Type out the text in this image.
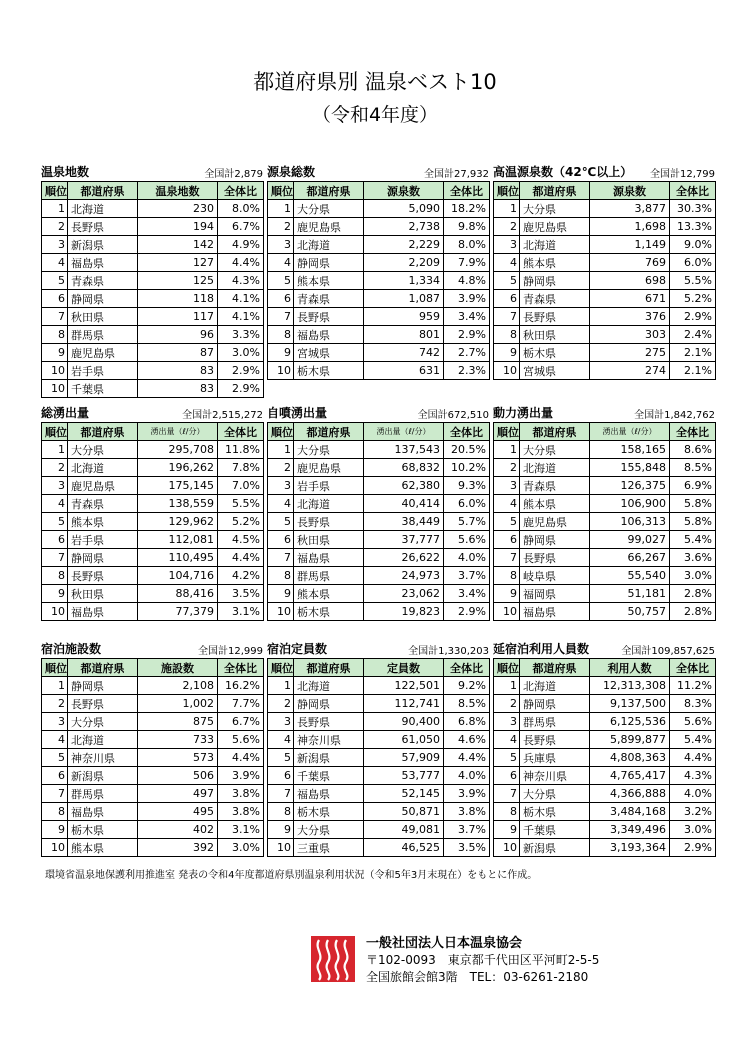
都道府県別 温泉ベスト10
（令和4年度）
温泉地数	全国計2,879
順位	都道府県	温泉地数	全体比
1	北海道	230	8.0%
2	長野県	194	6.7%
3	新潟県	142	4.9%
4	福島県	127	4.4%
5	青森県	125	4.3%
6	静岡県	118	4.1%
7	秋田県	117	4.1%
8	群馬県	96	3.3%
9	鹿児島県	87	3.0%
10	岩手県	83	2.9%
10	千葉県	83	2.9%
源泉総数	全国計27,932
順位	都道府県	源泉数	全体比
1	大分県	5,090	18.2%
2	鹿児島県	2,738	9.8%
3	北海道	2,229	8.0%
4	静岡県	2,209	7.9%
5	熊本県	1,334	4.8%
6	青森県	1,087	3.9%
7	長野県	959	3.4%
8	福島県	801	2.9%
9	宮城県	742	2.7%
10	栃木県	631	2.3%
高温源泉数（42℃以上） 全国計12,799
順位	都道府県	源泉数	全体比
1	大分県	3,877	30.3%
2	鹿児島県	1,698	13.3%
3	北海道	1,149	9.0%
4	熊本県	769	6.0%
5	静岡県	698	5.5%
6	青森県	671	5.2%
7	長野県	376	2.9%
8	秋田県	303	2.4%
9	栃木県	275	2.1%
10	宮城県	274	2.1%
総湧出量	全国計2,515,272
順位	都道府県	湧出量（ℓ/分）	全体比
1	大分県	295,708	11.8%
2	北海道	196,262	7.8%
3	鹿児島県	175,145	7.0%
4	青森県	138,559	5.5%
5	熊本県	129,962	5.2%
6	岩手県	112,081	4.5%
7	静岡県	110,495	4.4%
8	長野県	104,716	4.2%
9	秋田県	88,416	3.5%
10	福島県	77,379	3.1%
自噴湧出量	全国計672,510
順位	都道府県	湧出量（ℓ/分）	全体比
1	大分県	137,543	20.5%
2	鹿児島県	68,832	10.2%
3	岩手県	62,380	9.3%
4	北海道	40,414	6.0%
5	長野県	38,449	5.7%
6	秋田県	37,777	5.6%
7	福島県	26,622	4.0%
8	群馬県	24,973	3.7%
9	熊本県	23,062	3.4%
10	栃木県	19,823	2.9%
動力湧出量	全国計1,842,762
順位	都道府県	湧出量（ℓ/分）	全体比
1	大分県	158,165	8.6%
2	北海道	155,848	8.5%
3	青森県	126,375	6.9%
4	熊本県	106,900	5.8%
5	鹿児島県	106,313	5.8%
6	静岡県	99,027	5.4%
7	長野県	66,267	3.6%
8	岐阜県	55,540	3.0%
9	福岡県	51,181	2.8%
10	福島県	50,757	2.8%
宿泊施設数	全国計12,999
順位	都道府県	施設数	全体比
1	静岡県	2,108	16.2%
2	長野県	1,002	7.7%
3	大分県	875	6.7%
4	北海道	733	5.6%
5	神奈川県	573	4.4%
6	新潟県	506	3.9%
7	群馬県	497	3.8%
8	福島県	495	3.8%
9	栃木県	402	3.1%
10	熊本県	392	3.0%
宿泊定員数	全国計1,330,203
順位	都道府県	定員数	全体比
1	北海道	122,501	9.2%
2	静岡県	112,741	8.5%
3	長野県	90,400	6.8%
4	神奈川県	61,050	4.6%
5	新潟県	57,909	4.4%
6	千葉県	53,777	4.0%
7	福島県	52,145	3.9%
8	栃木県	50,871	3.8%
9	大分県	49,081	3.7%
10	三重県	46,525	3.5%
延宿泊利用人員数	全国計109,857,625
順位	都道府県	利用人数	全体比
1	北海道	12,313,308	11.2%
2	静岡県	9,137,500	8.3%
3	群馬県	6,125,536	5.6%
4	長野県	5,899,877	5.4%
5	兵庫県	4,808,363	4.4%
6	神奈川県	4,765,417	4.3%
7	大分県	4,366,888	4.0%
8	栃木県	3,484,168	3.2%
9	千葉県	3,349,496	3.0%
10	新潟県	3,193,364	2.9%
環境省温泉地保護利用推進室 発表の令和4年度都道府県別温泉利用状況（令和5年3月末現在）をもとに作成。
一般社団法人日本温泉協会
〒102-0093　東京都千代田区平河町2-5-5
全国旅館会館3階　TEL：03-6261-2180
